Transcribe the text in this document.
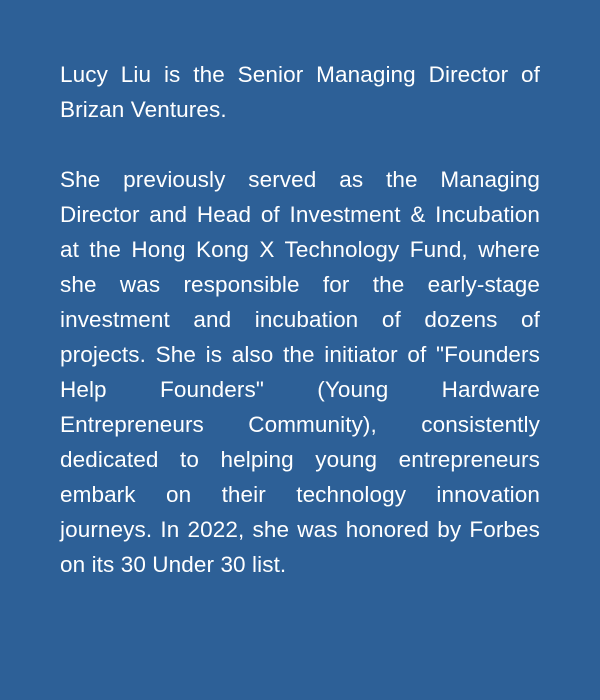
Lucy Liu is the Senior Managing Director of Brizan Ventures.

She previously served as the Managing Director and Head of Investment & Incubation at the Hong Kong X Technology Fund, where she was responsible for the early-stage investment and incubation of dozens of projects. She is also the initiator of "Founders Help Founders" (Young Hardware Entrepreneurs Community), consistently dedicated to helping young entrepreneurs embark on their technology innovation journeys. In 2022, she was honored by Forbes on its 30 Under 30 list.
